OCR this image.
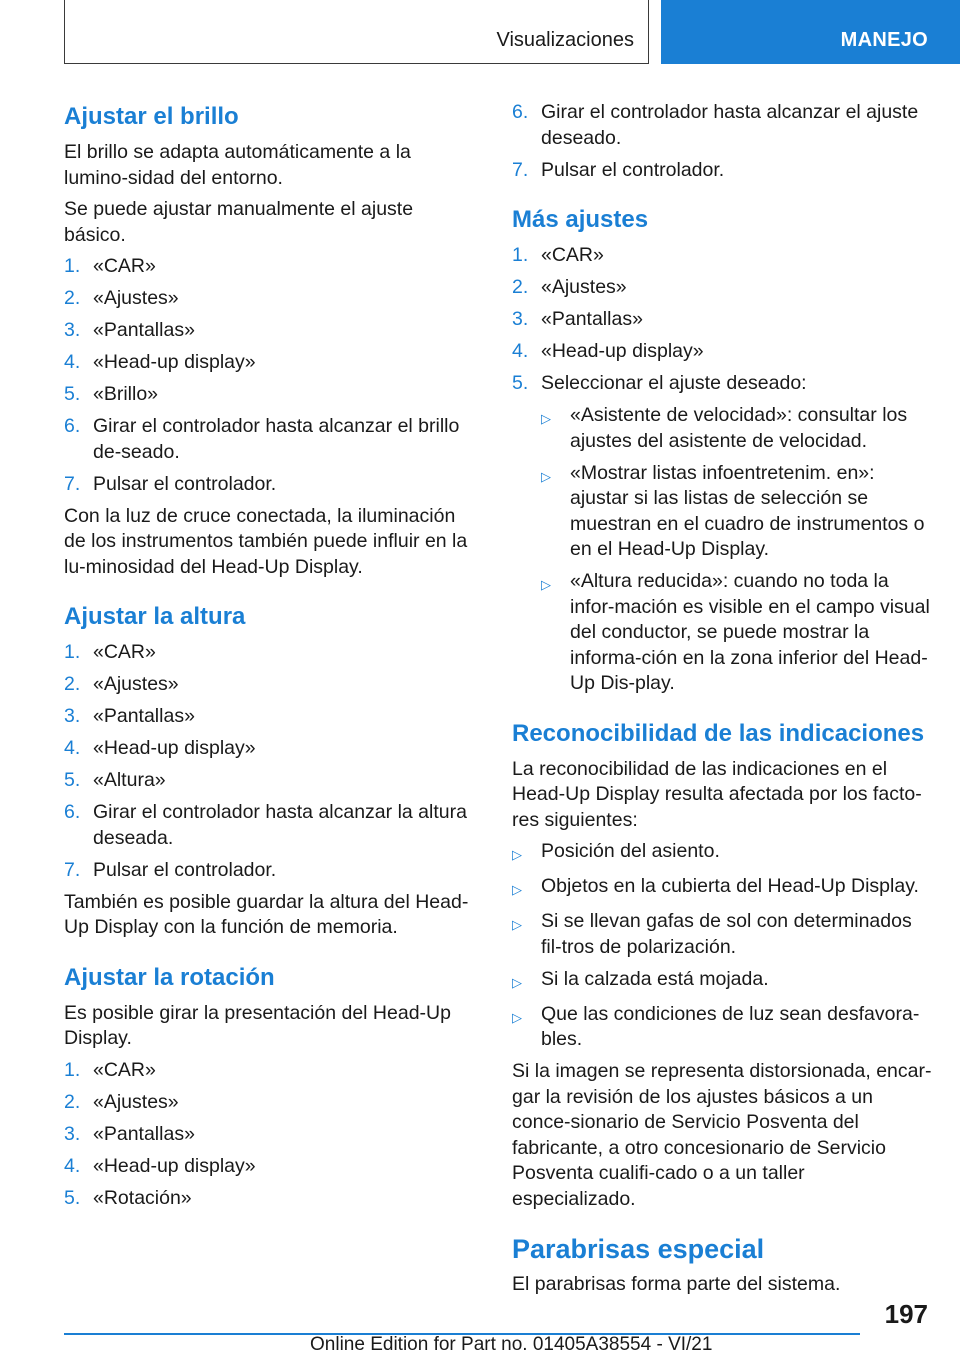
Visualizaciones	MANEJO
Ajustar el brillo

El brillo se adapta automáticamente a la lumino‐sidad del entorno.

Se puede ajustar manualmente el ajuste básico.

1. «CAR»
2. «Ajustes»
3. «Pantallas»
4. «Head-up display»
5. «Brillo»
6. Girar el controlador hasta alcanzar el brillo de‐seado.
7. Pulsar el controlador.

Con la luz de cruce conectada, la iluminación de los instrumentos también puede influir en la lu‐minosidad del Head-Up Display.

Ajustar la altura
1. «CAR»
2. «Ajustes»
3. «Pantallas»
4. «Head-up display»
5. «Altura»
6. Girar el controlador hasta alcanzar la altura deseada.
7. Pulsar el controlador.

También es posible guardar la altura del Head-Up Display con la función de memoria.

Ajustar la rotación

Es posible girar la presentación del Head-Up Display.

1. «CAR»
2. «Ajustes»
3. «Pantallas»
4. «Head-up display»
5. «Rotación»
6. Girar el controlador hasta alcanzar el ajuste deseado.
7. Pulsar el controlador.
Más ajustes
1. «CAR»
2. «Ajustes»
3. «Pantallas»
4. «Head-up display»
5. Seleccionar el ajuste deseado:
▷ «Asistente de velocidad»: consultar los ajustes del asistente de velocidad.
▷ «Mostrar listas infoentretenim. en»: ajustar si las listas de selección se muestran en el cuadro de instrumentos o en el Head-Up Display.
▷ «Altura reducida»: cuando no toda la infor‐mación es visible en el campo visual del conductor, se puede mostrar la informa‐ción en la zona inferior del Head-Up Dis‐play.
Reconocibilidad de las indicaciones

La reconocibilidad de las indicaciones en el Head-Up Display resulta afectada por los facto‐res siguientes:

▷ Posición del asiento.
▷ Objetos en la cubierta del Head-Up Display.
▷ Si se llevan gafas de sol con determinados fil‐tros de polarización.
▷ Si la calzada está mojada.
▷ Que las condiciones de luz sean desfavora‐bles.

Si la imagen se representa distorsionada, encar‐gar la revisión de los ajustes básicos a un conce‐sionario de Servicio Posventa del fabricante, a otro concesionario de Servicio Posventa cualifi‐cado o a un taller especializado.

Parabrisas especial

El parabrisas forma parte del sistema.

197
Online Edition for Part no. 01405A38554 - VI/21
